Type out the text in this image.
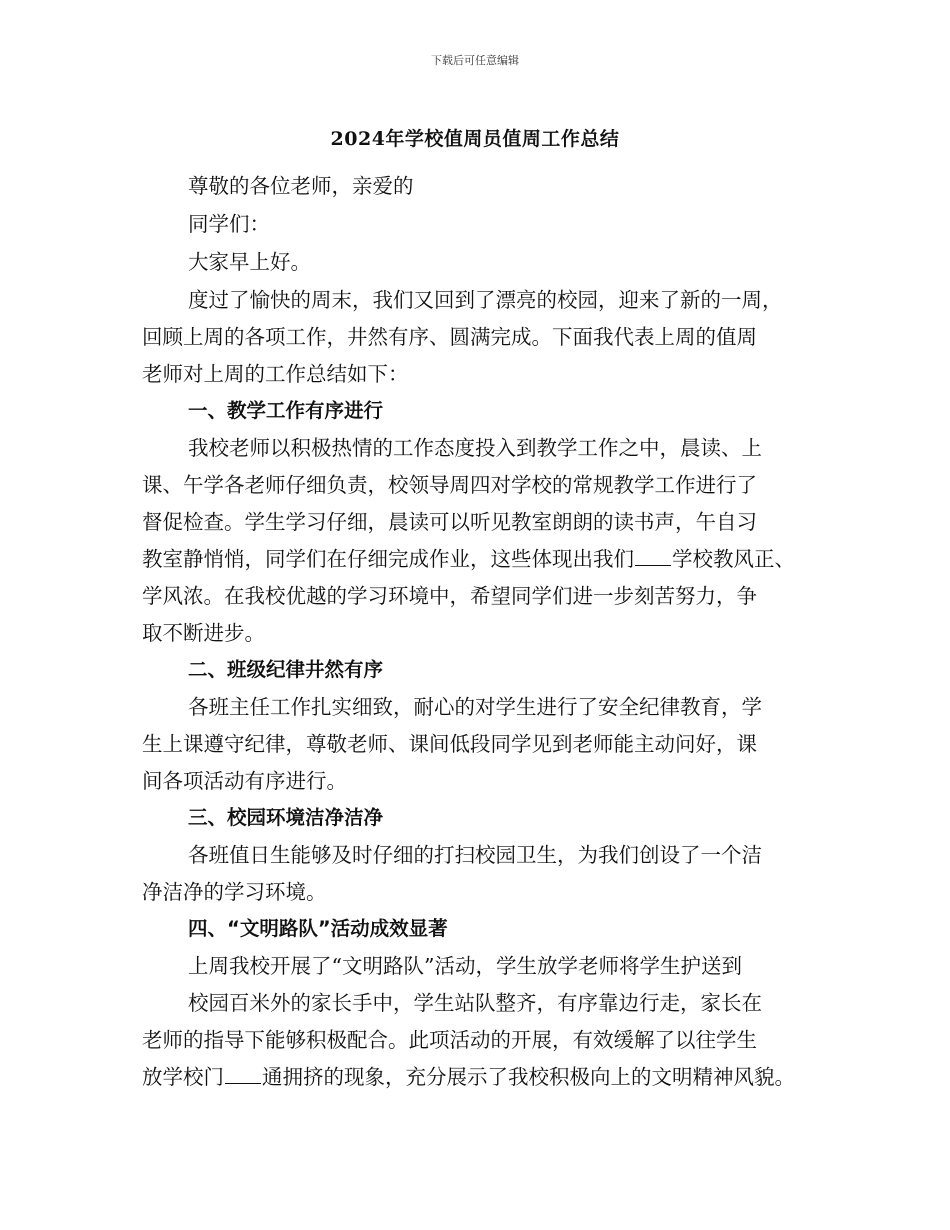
下载后可任意编辑
2024年学校值周员值周工作总结
尊敬的各位老师，亲爱的
同学们：
大家早上好。
度过了愉快的周末，我们又回到了漂亮的校园，迎来了新的一周，
回顾上周的各项工作，井然有序、圆满完成。下面我代表上周的值周
老师对上周的工作总结如下：
一、教学工作有序进行
我校老师以积极热情的工作态度投入到教学工作之中，晨读、上
课、午学各老师仔细负责，校领导周四对学校的常规教学工作进行了
督促检查。学生学习仔细，晨读可以听见教室朗朗的读书声，午自习
教室静悄悄，同学们在仔细完成作业，这些体现出我们 学校教风正、
学风浓。在我校优越的学习环境中，希望同学们进一步刻苦努力，争
取不断进步。
二、班级纪律井然有序
各班主任工作扎实细致，耐心的对学生进行了安全纪律教育，学
生上课遵守纪律，尊敬老师、课间低段同学见到老师能主动问好，课
间各项活动有序进行。
三、校园环境洁净洁净
各班值日生能够及时仔细的打扫校园卫生，为我们创设了一个洁
净洁净的学习环境。
四、“文明路队”活动成效显著
上周我校开展了“文明路队”活动，学生放学老师将学生护送到
校园百米外的家长手中，学生站队整齐，有序靠边行走，家长在
老师的指导下能够积极配合。此项活动的开展，有效缓解了以往学生
放学校门 通拥挤的现象，充分展示了我校积极向上的文明精神风貌。
